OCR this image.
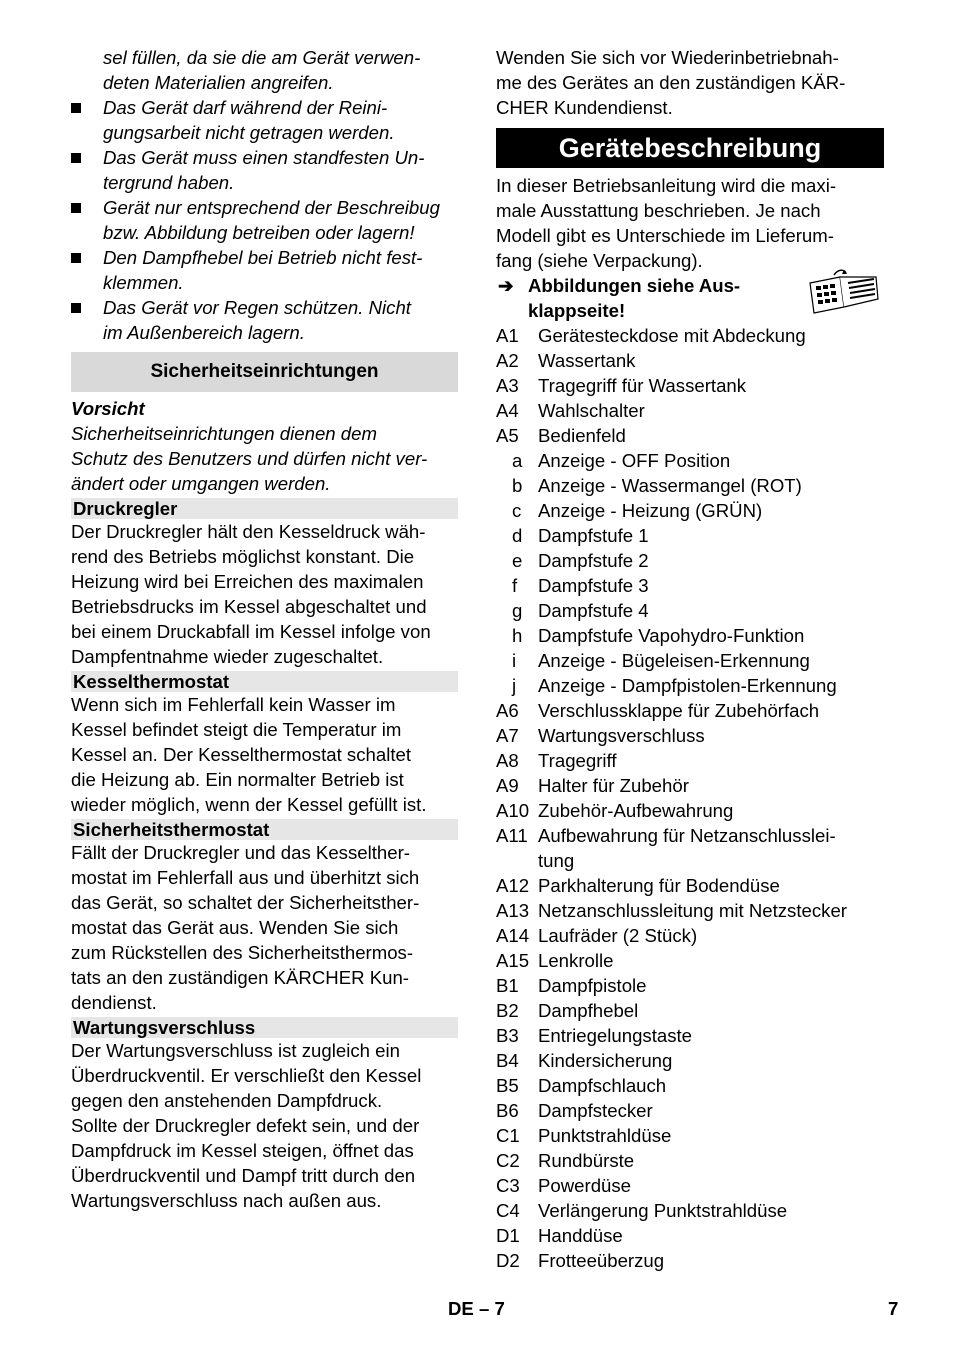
sel füllen, da sie die am Gerät verwen-
deten Materialien angreifen.
Das Gerät darf während der Reini-
gungsarbeit nicht getragen werden.
Das Gerät muss einen standfesten Un-
tergrund haben.
Gerät nur entsprechend der Beschreibug
bzw. Abbildung betreiben oder lagern!
Den Dampfhebel bei Betrieb nicht fest-
klemmen.
Das Gerät vor Regen schützen. Nicht
im Außenbereich lagern.
Sicherheitseinrichtungen
Vorsicht
Sicherheitseinrichtungen dienen dem
Schutz des Benutzers und dürfen nicht ver-
ändert oder umgangen werden.
Druckregler
Der Druckregler hält den Kesseldruck wäh-
rend des Betriebs möglichst konstant. Die
Heizung wird bei Erreichen des maximalen
Betriebsdrucks im Kessel abgeschaltet und
bei einem Druckabfall im Kessel infolge von
Dampfentnahme wieder zugeschaltet.
Kesselthermostat
Wenn sich im Fehlerfall kein Wasser im
Kessel befindet steigt die Temperatur im
Kessel an. Der Kesselthermostat schaltet
die Heizung ab. Ein normalter Betrieb ist
wieder möglich, wenn der Kessel gefüllt ist.
Sicherheitsthermostat
Fällt der Druckregler und das Kesselther-
mostat im Fehlerfall aus und überhitzt sich
das Gerät, so schaltet der Sicherheitsther-
mostat das Gerät aus. Wenden Sie sich
zum Rückstellen des Sicherheitsthermos-
tats an den zuständigen KÄRCHER Kun-
dendienst.
Wartungsverschluss
Der Wartungsverschluss ist zugleich ein
Überdruckventil. Er verschließt den Kessel
gegen den anstehenden Dampfdruck.
Sollte der Druckregler defekt sein, und der
Dampfdruck im Kessel steigen, öffnet das
Überdruckventil und Dampf tritt durch den
Wartungsverschluss nach außen aus.
Wenden Sie sich vor Wiederinbetriebnah-
me des Gerätes an den zuständigen KÄR-
CHER Kundendienst.
Gerätebeschreibung
In dieser Betriebsanleitung wird die maxi-
male Ausstattung beschrieben. Je nach
Modell gibt es Unterschiede im Lieferum-
fang (siehe Verpackung).
➔ Abbildungen siehe Aus-
klappseite!
A1 Gerätesteckdose mit Abdeckung
A2 Wassertank
A3 Tragegriff für Wassertank
A4 Wahlschalter
A5 Bedienfeld
a Anzeige - OFF Position
b Anzeige - Wassermangel (ROT)
c Anzeige - Heizung (GRÜN)
d Dampfstufe 1
e Dampfstufe 2
f Dampfstufe 3
g Dampfstufe 4
h Dampfstufe Vapohydro-Funktion
i Anzeige - Bügeleisen-Erkennung
j Anzeige - Dampfpistolen-Erkennung
A6 Verschlussklappe für Zubehörfach
A7 Wartungsverschluss
A8 Tragegriff
A9 Halter für Zubehör
A10 Zubehör-Aufbewahrung
A11 Aufbewahrung für Netzanschlusslei-
tung
A12 Parkhalterung für Bodendüse
A13 Netzanschlussleitung mit Netzstecker
A14 Laufräder (2 Stück)
A15 Lenkrolle
B1 Dampfpistole
B2 Dampfhebel
B3 Entriegelungstaste
B4 Kindersicherung
B5 Dampfschlauch
B6 Dampfstecker
C1 Punktstrahldüse
C2 Rundbürste
C3 Powerdüse
C4 Verlängerung Punktstrahldüse
D1 Handdüse
D2 Frotteeüberzug
DE – 7	7
